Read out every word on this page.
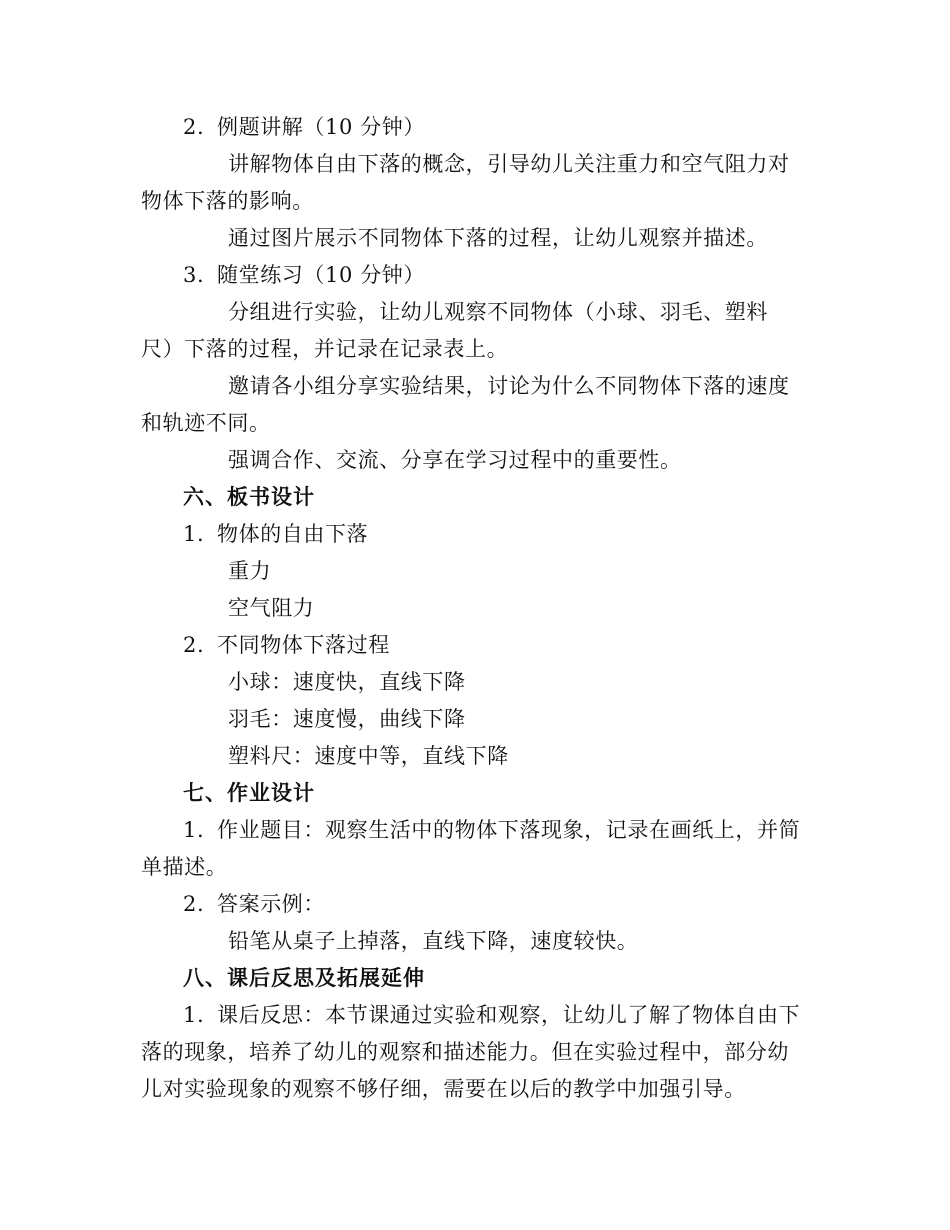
2. 例题讲解（10 分钟）
讲解物体自由下落的概念，引导幼儿关注重力和空气阻力对
物体下落的影响。
通过图片展示不同物体下落的过程，让幼儿观察并描述。
3. 随堂练习（10 分钟）
分组进行实验，让幼儿观察不同物体（小球、羽毛、塑料
尺）下落的过程，并记录在记录表上。
邀请各小组分享实验结果，讨论为什么不同物体下落的速度
和轨迹不同。
强调合作、交流、分享在学习过程中的重要性。
六、板书设计
1. 物体的自由下落
重力
空气阻力
2. 不同物体下落过程
小球：速度快，直线下降
羽毛：速度慢，曲线下降
塑料尺：速度中等，直线下降
七、作业设计
1. 作业题目：观察生活中的物体下落现象，记录在画纸上，并简
单描述。
2. 答案示例：
铅笔从桌子上掉落，直线下降，速度较快。
八、课后反思及拓展延伸
1. 课后反思：本节课通过实验和观察，让幼儿了解了物体自由下
落的现象，培养了幼儿的观察和描述能力。但在实验过程中，部分幼
儿对实验现象的观察不够仔细，需要在以后的教学中加强引导。
